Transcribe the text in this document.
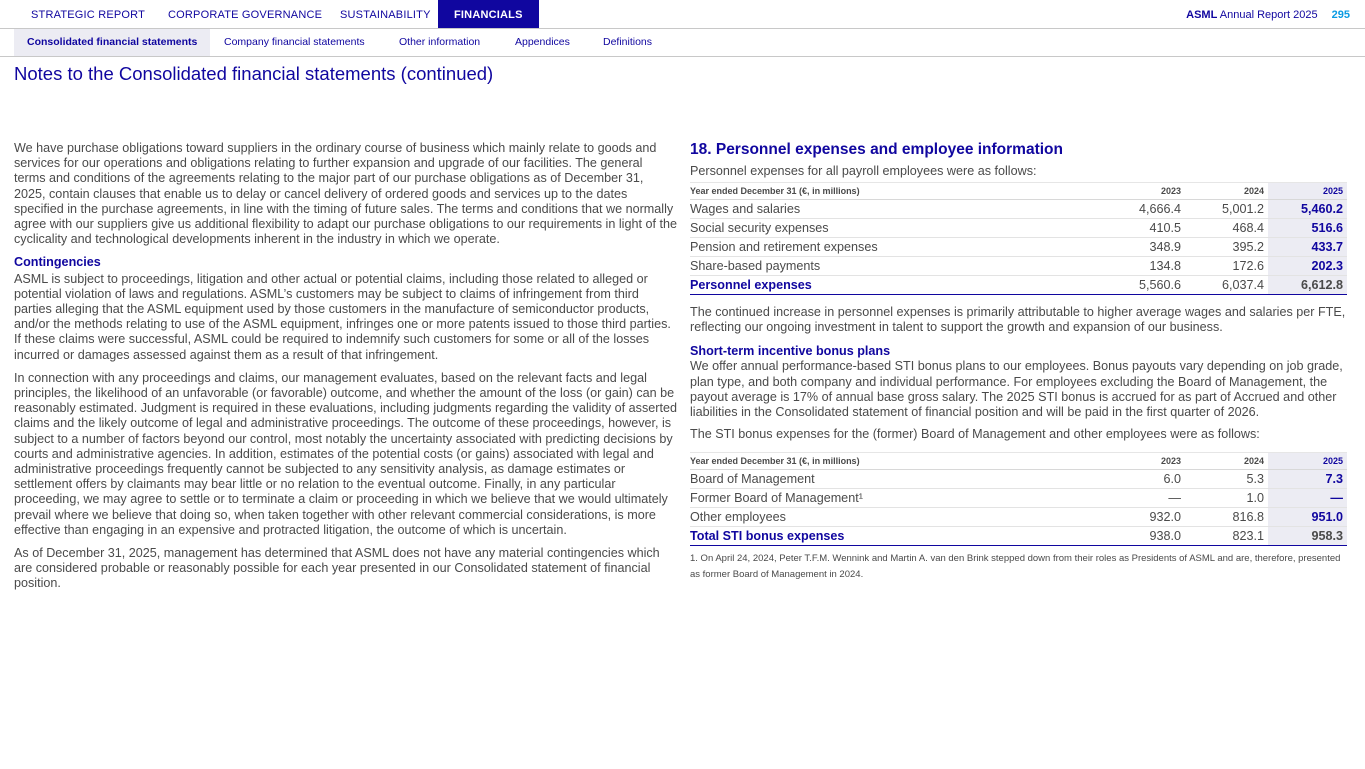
STRATEGIC REPORT CORPORATE GOVERNANCE SUSTAINABILITY	FINANCIALS	ASML Annual Report 2025 295
Consolidated financial statements	Company financial statements	Other information	Appendices	Definitions
Notes to the Consolidated financial statements (continued)

We have purchase obligations toward suppliers in the ordinary course of business which mainly relate to goods and services for our operations and obligations relating to further expansion and upgrade of our facilities. The general terms and conditions of the agreements relating to the major part of our purchase obligations as of December 31, 2025, contain clauses that enable us to delay or cancel delivery of ordered goods and services up to the dates specified in the purchase agreements, in line with the timing of future sales. The terms and conditions that we normally agree with our suppliers give us additional flexibility to adapt our purchase obligations to our requirements in light of the cyclicality and technological developments inherent in the industry in which we operate.

Contingencies

ASML is subject to proceedings, litigation and other actual or potential claims, including those related to alleged or potential violation of laws and regulations. ASML’s customers may be subject to claims of infringement from third parties alleging that the ASML equipment used by those customers in the manufacture of semiconductor products, and/or the methods relating to use of the ASML equipment, infringes one or more patents issued to those third parties. If these claims were successful, ASML could be required to indemnify such customers for some or all of the losses incurred or damages assessed against them as a result of that infringement.

In connection with any proceedings and claims, our management evaluates, based on the relevant facts and legal principles, the likelihood of an unfavorable (or favorable) outcome, and whether the amount of the loss (or gain) can be reasonably estimated. Judgment is required in these evaluations, including judgments regarding the validity of asserted claims and the likely outcome of legal and administrative proceedings. The outcome of these proceedings, however, is subject to a number of factors beyond our control, most notably the uncertainty associated with predicting decisions by courts and administrative agencies. In addition, estimates of the potential costs (or gains) associated with legal and administrative proceedings frequently cannot be subjected to any sensitivity analysis, as damage estimates or settlement offers by claimants may bear little or no relation to the eventual outcome. Finally, in any particular proceeding, we may agree to settle or to terminate a claim or proceeding in which we believe that we would ultimately prevail where we believe that doing so, when taken together with other relevant commercial considerations, is more effective than engaging in an expensive and protracted litigation, the outcome of which is uncertain.

As of December 31, 2025, management has determined that ASML does not have any material contingencies which are considered probable or reasonably possible for each year presented in our Consolidated statement of financial position.

18. Personnel expenses and employee information

Personnel expenses for all payroll employees were as follows:

Year ended December 31 (€, in millions)	2023	2024	2025
Wages and salaries	4,666.4	5,001.2	5,460.2
Social security expenses	410.5	468.4	516.6
Pension and retirement expenses	348.9	395.2	433.7
Share-based payments	134.8	172.6	202.3
Personnel expenses	5,560.6	6,037.4	6,612.8

The continued increase in personnel expenses is primarily attributable to higher average wages and salaries per FTE, reflecting our ongoing investment in talent to support the growth and expansion of our business.

Short-term incentive bonus plans

We offer annual performance-based STI bonus plans to our employees. Bonus payouts vary depending on job grade, plan type, and both company and individual performance. For employees excluding the Board of Management, the payout average is 17% of annual base gross salary. The 2025 STI bonus is accrued for as part of Accrued and other liabilities in the Consolidated statement of financial position and will be paid in the first quarter of 2026.

The STI bonus expenses for the (former) Board of Management and other employees were as follows:

Year ended December 31 (€, in millions)	2023	2024	2025
Board of Management	6.0	5.3	7.3
Former Board of Management¹	—	1.0	—
Other employees	932.0	816.8	951.0
Total STI bonus expenses	938.0	823.1	958.3

1. On April 24, 2024, Peter T.F.M. Wennink and Martin A. van den Brink stepped down from their roles as Presidents of ASML and are, therefore, presented as former Board of Management in 2024.
